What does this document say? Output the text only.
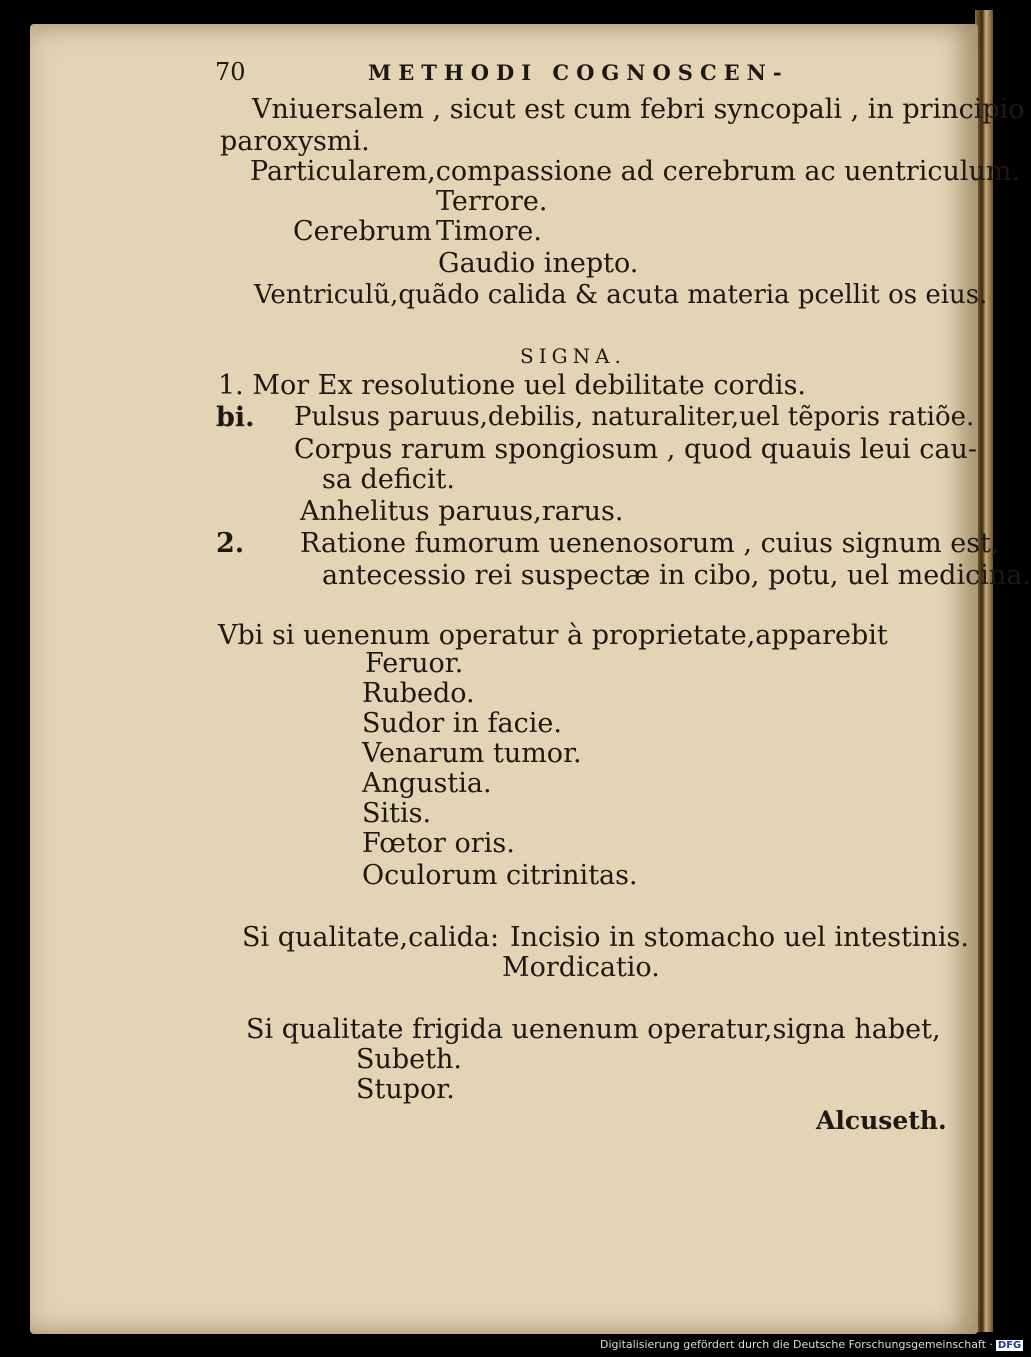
70	METHODI COGNOSCEN-
Vniuersalem , sicut est cum febri syncopali , in principio
paroxysmi.
Particularem,compassione ad cerebrum ac uentriculum.
Terrore.
Cerebrum Timore.
Gaudio inepto.
Ventriculũ,quãdo calida & acuta materia pcellit os eius.
SIGNA.
1. Mor Ex resolutione uel debilitate cordis.
bi. Pulsus paruus,debilis, naturaliter,uel tẽporis ratiõe.
Corpus rarum spongiosum , quod quauis leui cau-
sa deficit.
Anhelitus paruus,rarus.
2. Ratione fumorum uenenosorum , cuius signum est,
antecessio rei suspectæ in cibo, potu, uel medicina.
Vbi si uenenum operatur à proprietate,apparebit
Feruor.
Rubedo.
Sudor in facie.
Venarum tumor.
Angustia.
Sitis.
Fœtor oris.
Oculorum citrinitas.
Si qualitate,calida: Incisio in stomacho uel intestinis.
Mordicatio.
Si qualitate frigida uenenum operatur,signa habet,
Subeth.
Stupor.
Alcuseth.
Digitalisierung gefördert durch die Deutsche Forschungsgemeinschaft · DFG
